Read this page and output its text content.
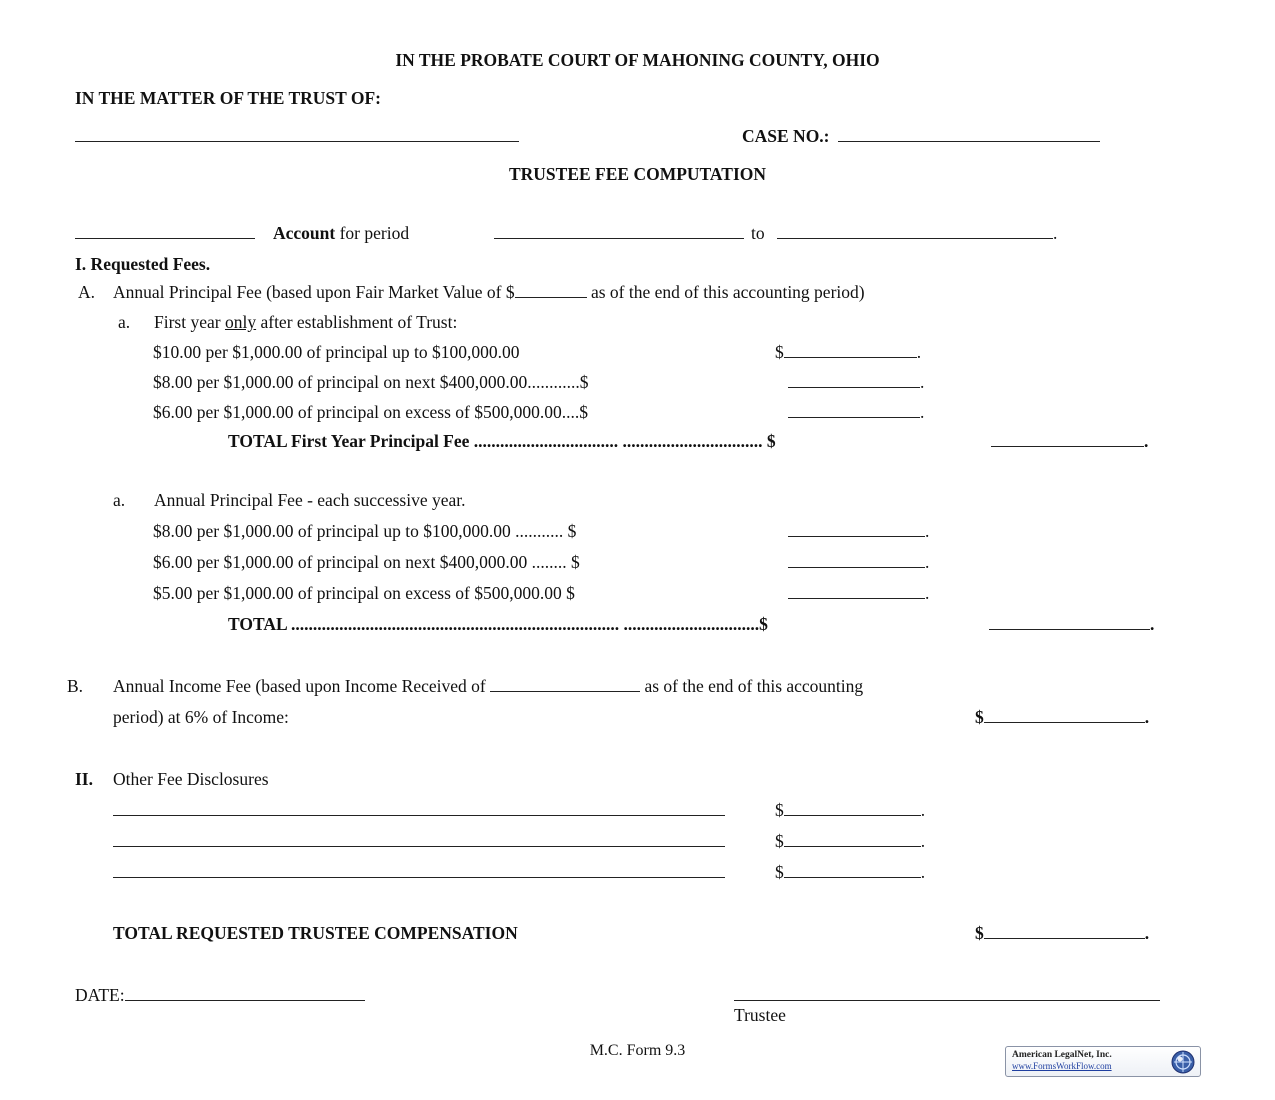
IN THE PROBATE COURT OF MAHONING COUNTY, OHIO
IN THE MATTER OF THE TRUST OF:
CASE NO.:
TRUSTEE FEE COMPUTATION
Account for period	to	.
I. Requested Fees.
A. Annual Principal Fee (based upon Fair Market Value of $	as of the end of this accounting period)
a. First year only after establishment of Trust:
$10.00 per $1,000.00 of principal up to $100,000.00	$	.
$8.00 per $1,000.00 of principal on next $400,000.00............$	.
$6.00 per $1,000.00 of principal on excess of $500,000.00....$	.
TOTAL First Year Principal Fee ................................. ................................ $	.
a. Annual Principal Fee - each successive year.
$8.00 per $1,000.00 of principal up to $100,000.00 ........... $	.
$6.00 per $1,000.00 of principal on next $400,000.00 ........ $	.
$5.00 per $1,000.00 of principal on excess of $500,000.00 $	.
TOTAL ........................................................................... ...............................$	.
B. Annual Income Fee (based upon Income Received of	as of the end of this accounting
period) at 6% of Income:	$	.
II. Other Fee Disclosures
$	.
$	.
$	.
TOTAL REQUESTED TRUSTEE COMPENSATION	$	.
DATE:
Trustee
M.C. Form 9.3	American LegalNet, Inc.
www.FormsWorkFlow.com
